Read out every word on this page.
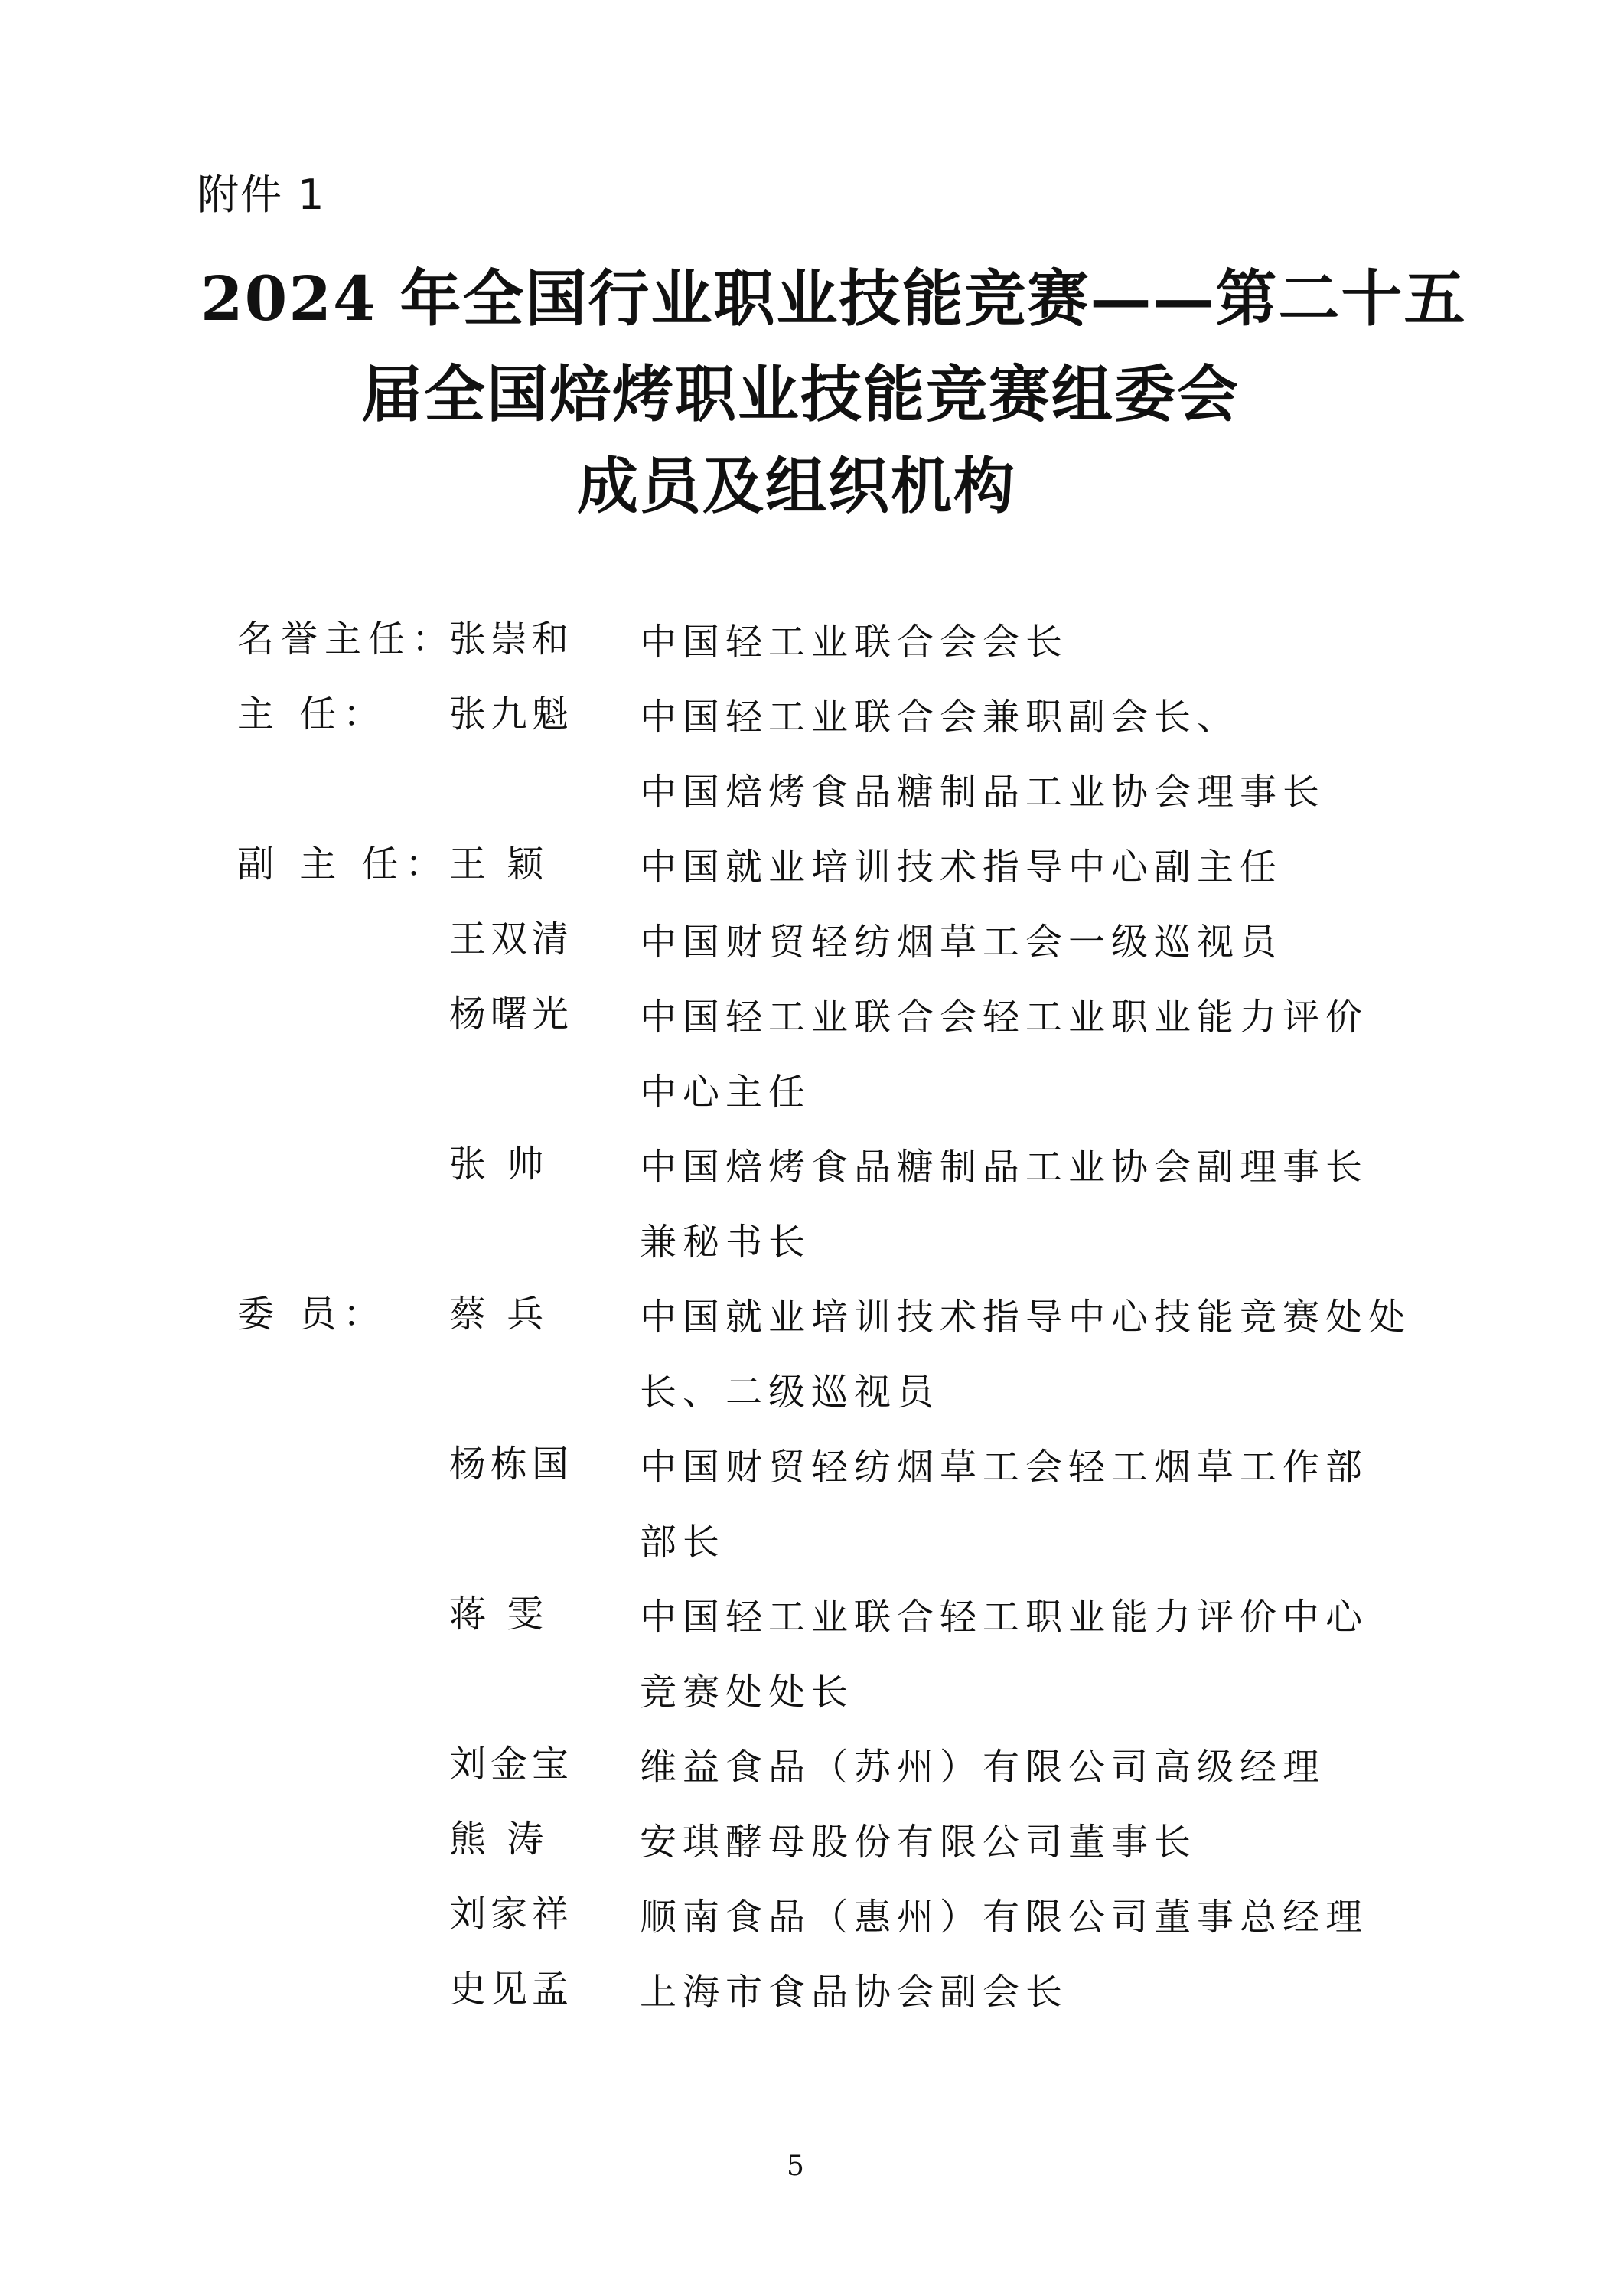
附件 1
2024 年全国行业职业技能竞赛——第二十五
届全国焙烤职业技能竞赛组委会
成员及组织机构
名誉主任：
张崇和 中国轻工业联合会会长
主 任：	张九魁 中国轻工业联合会兼职副会长、
中国焙烤食品糖制品工业协会理事长
副 主 任： 王 颖	中国就业培训技术指导中心副主任
王双清 中国财贸轻纺烟草工会一级巡视员
杨曙光 中国轻工业联合会轻工业职业能力评价
中心主任
张 帅	中国焙烤食品糖制品工业协会副理事长
兼秘书长
委 员：	蔡 兵	中国就业培训技术指导中心技能竞赛处处
长、二级巡视员
杨栋国 中国财贸轻纺烟草工会轻工烟草工作部
部长
蒋 雯	中国轻工业联合轻工职业能力评价中心
竞赛处处长
刘金宝 维益食品（苏州）有限公司高级经理
熊 涛	安琪酵母股份有限公司董事长
刘家祥 顺南食品（惠州）有限公司董事总经理
史见孟 上海市食品协会副会长
5
